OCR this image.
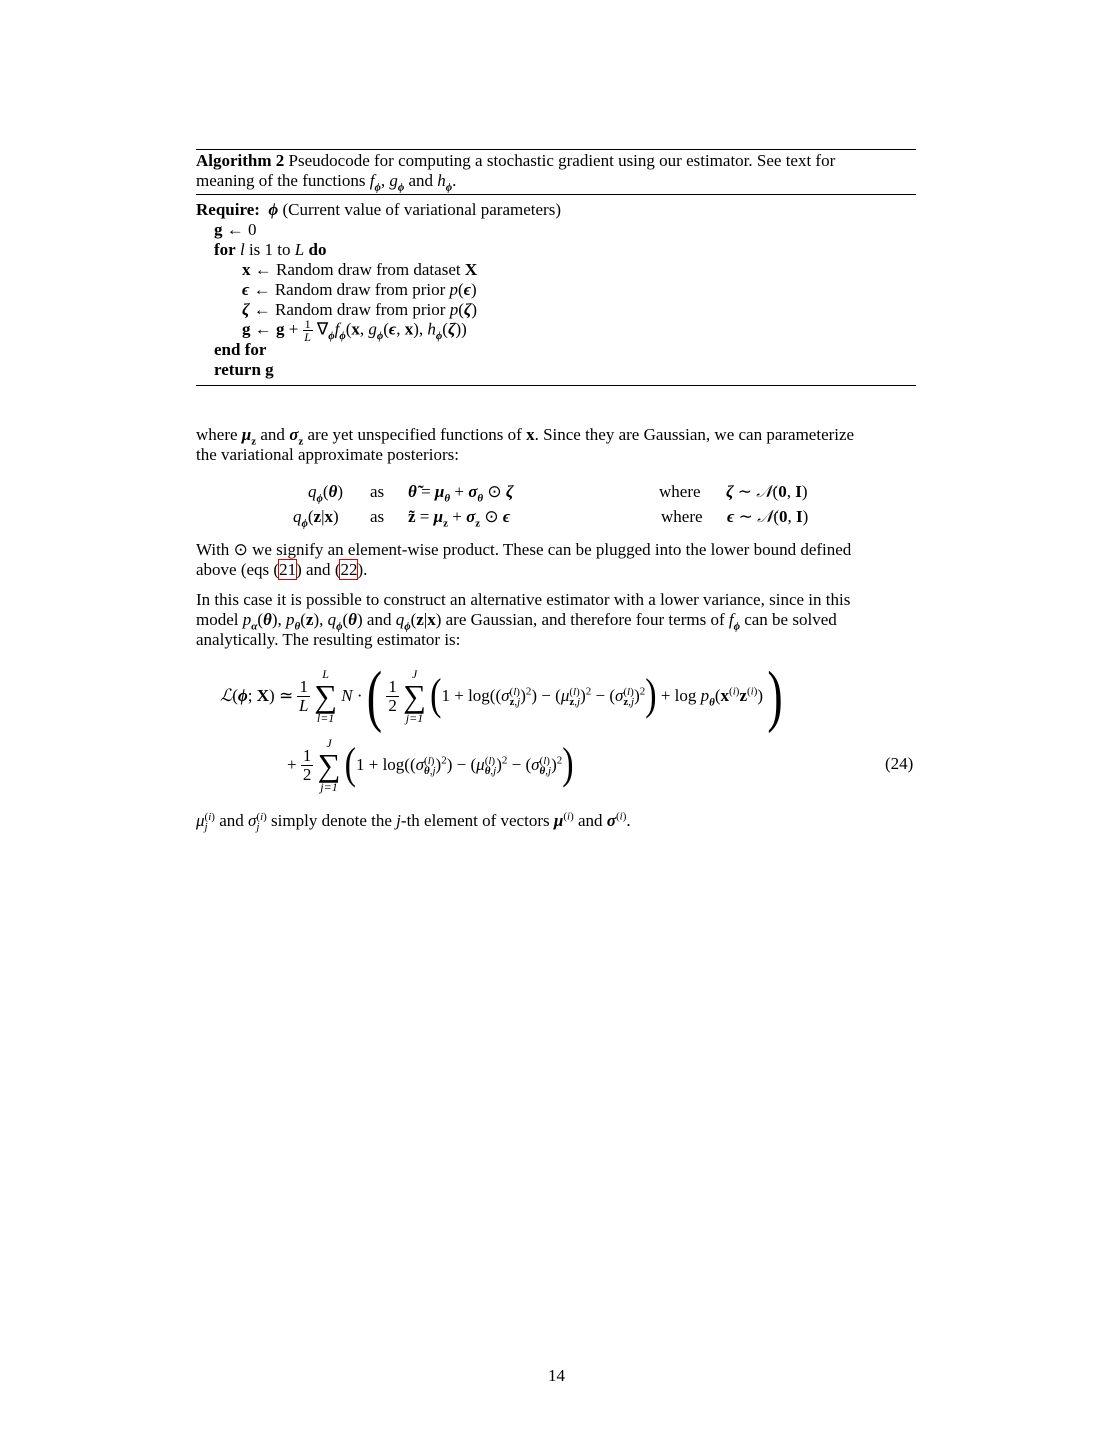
Algorithm 2 Pseudocode for computing a stochastic gradient using our estimator. See text for
meaning of the functions $f_\phi$, $g_\phi$ and $h_\phi$.
Require:  ϕ (Current value of variational parameters)
g ← 0
for l is 1 to L do
x ← Random draw from dataset X
ϵ ← Random draw from prior p(ϵ)
ζ ← Random draw from prior p(ζ)
g ← $g + \frac{1}{L} \nabla_\phi f_\phi(x$, $g_\phi(\epsilon$, x), $h_\phi(\zeta)$)
end for
return g
where $\mu_z$ and $\sigma_z$ are yet unspecified functions of x. Since they are Gaussian, we can parameterize
the variational approximate posteriors:
$q_\phi(\theta)$ as θ̃ = $\mu_\theta + \sigma_\theta$ ⊙ ζ	where ζ ∼ 𝒩(0, I)
$q_\phi(z|x)$ as z̃ = $\mu_z + \sigma_z$ ⊙ ϵ	where ϵ ∼ 𝒩(0, I)
With ⊙ we signify an element-wise product. These can be plugged into the lower bound defined
above (eqs (21) and (22).
In this case it is possible to construct an alternative estimator with a lower variance, since in this
model $p_\alpha(\theta)$, $p_\theta(z)$, $q_\phi(\theta)$ and $q_\phi(z|x)$ are Gaussian, and therefore four terms of $f_\phi$ can be solved
analytically. The resulting estimator is:
ℒ(ϕ; X) ≃ $\frac{1}{L}$

L
∑
l=1
N · ( $\frac{1}{2}$

J
∑
j=1 (1 + log((σ (l)
z,j )$^2$) − (μ (l)
z,j )$^2$ − (σ (l)
z,j )$^2) + \log p_\theta(x^{(i)}z^{(i)})$ )
+ $\frac{1}{2}$

J
∑
j=1 (1 + log((σ (l)
θ,j )$^2$) − (μ (l)
θ,j )$^2$ − (σ (l)
θ,j )$^2$)	(24)
μ (i)
j and σ (i)
j simply denote the j-th element of vectors $\mu^{(i)}$ and $\sigma^{(i)}$.
14
